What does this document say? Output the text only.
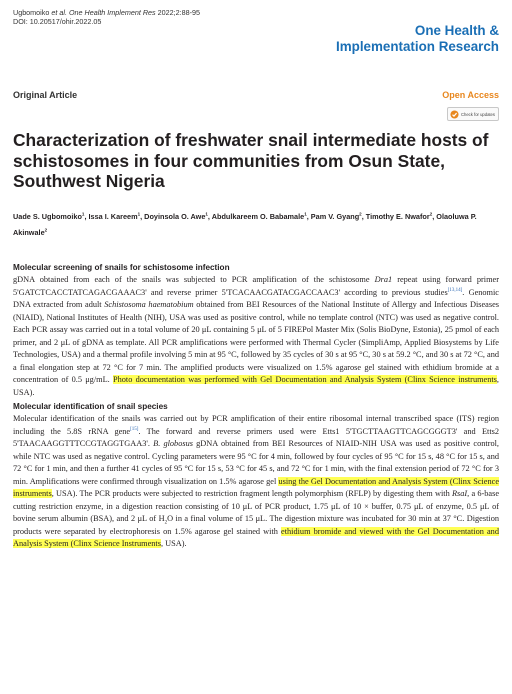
Ugbomoiko et al. One Health Implement Res 2022;2:88-95
DOI: 10.20517/ohir.2022.05
One Health &
Implementation Research
Original Article	Open Access
Check for updates
Characterization of freshwater snail intermediate hosts of schistosomes in four communities from Osun State, Southwest Nigeria

Uade S. Ugbomoiko$^1$, Issa I. Kareem$^1$, Doyinsola O. Awe$^1$, Abdulkareem O. Babamale$^1$, Pam V. Gyang$^2$, Timothy E. Nwafor$^2$, Olaoluwa P. Akinwale$^2$

Molecular screening of snails for schistosome infection

gDNA obtained from each of the snails was subjected to PCR amplification of the schistosome Dra1 repeat using forward primer 5'GATCTCACCTATCAGACGAAAC3' and reverse primer 5'TCACAACGATACGACCAAC3' according to previous studies[13,14]. Genomic DNA extracted from adult Schistosoma haematobium obtained from BEI Resources of the National Institute of Allergy and Infectious Diseases (NIAID), National Institutes of Health (NIH), USA was used as positive control, while no template control (NTC) was used as negative control. Each PCR assay was carried out in a total volume of 20 μL containing 5 μL of 5 FIREPol Master Mix (Solis BioDyne, Estonia), 25 pmol of each primer, and 2 μL of gDNA as template. All PCR amplifications were performed with Thermal Cycler (SimpliAmp, Applied Biosystems by Life Technologies, USA) and a thermal profile involving 5 min at 95 °C, followed by 35 cycles of 30 s at 95 °C, 30 s at 59.2 °C, and 30 s at 72 °C, and a final elongation step at 72 °C for 7 min. The amplified products were visualized on 1.5% agarose gel stained with ethidium bromide at a concentration of 0.5 μg/mL. Photo documentation was performed with Gel Documentation and Analysis System (Clinx Science instruments, USA).

Molecular identification of snail species

Molecular identification of the snails was carried out by PCR amplification of their entire ribosomal internal transcribed space (ITS) region including the 5.8S rRNA gene[15]. The forward and reverse primers used were Etts1 5'TGCTTAAGTTCAGCGGGT3' and Etts2 5'TAACAAGGTTTCCGTAGGTGAA3'. B. globosus gDNA obtained from BEI Resources of NIAID-NIH USA was used as positive control, while NTC was used as negative control. Cycling parameters were 95 °C for 4 min, followed by four cycles of 95 °C for 15 s, 48 °C for 15 s, and 72 °C for 1 min, and then a further 41 cycles of 95 °C for 15 s, 53 °C for 45 s, and 72 °C for 1 min, with the final extension period of 72 °C for 3 min. Amplifications were confirmed through visualization on 1.5% agarose gel using the Gel Documentation and Analysis System (Clinx Science instruments, USA). The PCR products were subjected to restriction fragment length polymorphism (RFLP) by digesting them with RsaI, a 6-base cutting restriction enzyme, in a digestion reaction consisting of 10 μL of PCR product, 1.75 μL of 10 × buffer, 0.75 μL of enzyme, 0.5 μL of bovine serum albumin (BSA), and 2 μL of $H_2O$ in a final volume of 15 μL. The digestion mixture was incubated for 30 min at 37 °C. Digestion products were separated by electrophoresis on 1.5% agarose gel stained with ethidium bromide and viewed with the Gel Documentation and Analysis System (Clinx Science Instruments, USA).
